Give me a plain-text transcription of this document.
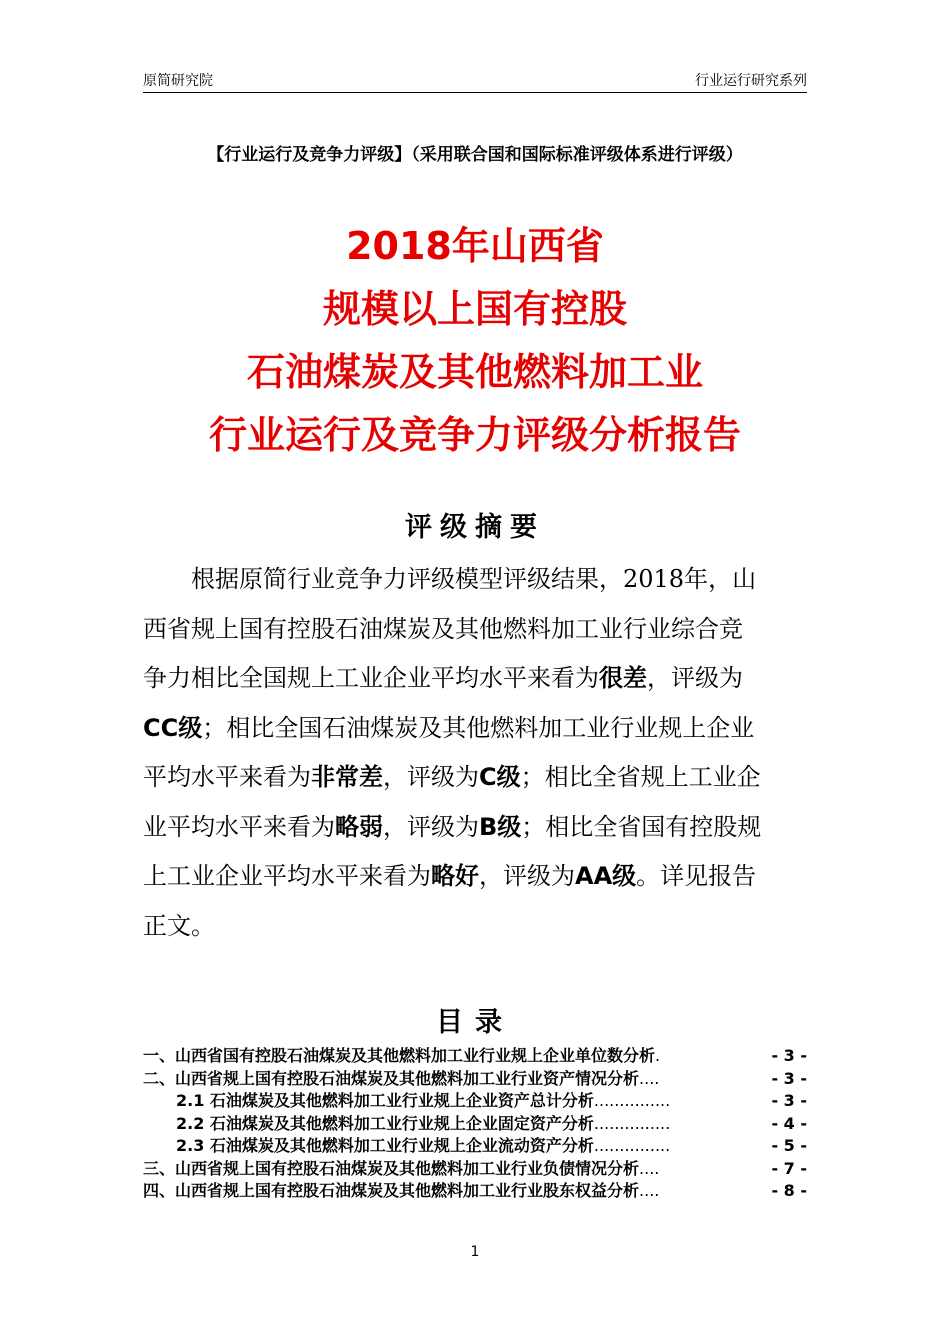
原简研究院	行业运行研究系列
【行业运行及竞争力评级】（采用联合国和国际标准评级体系进行评级）
2018年山西省
规模以上国有控股
石油煤炭及其他燃料加工业
行业运行及竞争力评级分析报告
评级摘要
　　根据原简行业竞争力评级模型评级结果，2018年，山
西省规上国有控股石油煤炭及其他燃料加工业行业综合竞
争力相比全国规上工业企业平均水平来看为很差，评级为
CC级；相比全国石油煤炭及其他燃料加工业行业规上企业
平均水平来看为非常差，评级为C级；相比全省规上工业企
业平均水平来看为略弱，评级为B级；相比全省国有控股规
上工业企业平均水平来看为略好，评级为AA级。详见报告
正文。
目录
一、山西省国有控股石油煤炭及其他燃料加工业行业规上企业单位数分析 .	- 3 -
二、山西省规上国有控股石油煤炭及其他燃料加工业行业资产情况分析 ....	- 3 -
2.1 石油煤炭及其他燃料加工业行业规上企业资产总计分析 ...............	- 3 -
2.2 石油煤炭及其他燃料加工业行业规上企业固定资产分析 ...............	- 4 -
2.3 石油煤炭及其他燃料加工业行业规上企业流动资产分析 ...............	- 5 -
三、山西省规上国有控股石油煤炭及其他燃料加工业行业负债情况分析 ....	- 7 -
四、山西省规上国有控股石油煤炭及其他燃料加工业行业股东权益分析 ....	- 8 -
1
